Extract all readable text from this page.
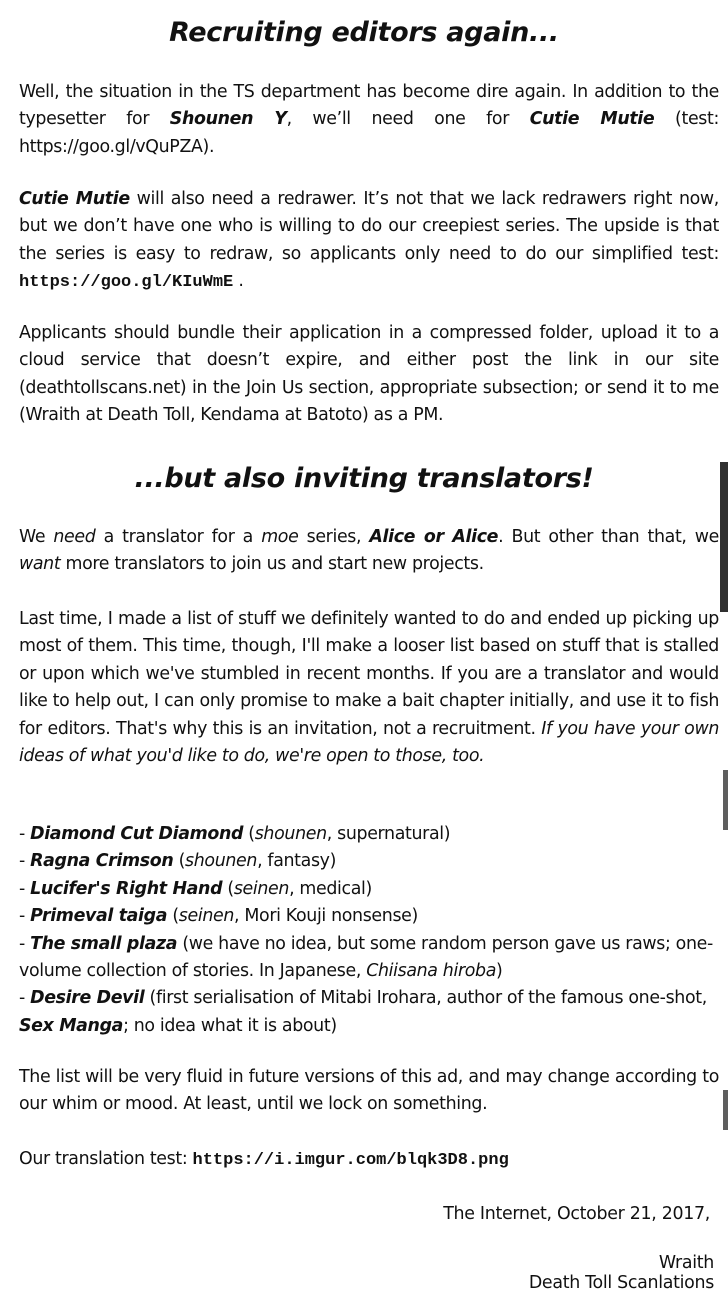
Recruiting editors again...

Well, the situation in the TS department has become dire again. In addition to the typesetter for Shounen Y, we’ll need one for Cutie Mutie (test: https://goo.gl/vQuPZA).

Cutie Mutie will also need a redrawer. It’s not that we lack redrawers right now, but we don’t have one who is willing to do our creepiest series. The upside is that the series is easy to redraw, so applicants only need to do our simplified test: https://goo.gl/KIuWmE .

Applicants should bundle their application in a compressed folder, upload it to a cloud service that doesn’t expire, and either post the link in our site (deathtollscans.net) in the Join Us section, appropriate subsection; or send it to me (Wraith at Death Toll, Kendama at Batoto) as a PM.

...but also inviting translators!

We need a translator for a moe series, Alice or Alice. But other than that, we want more translators to join us and start new projects.

Last time, I made a list of stuff we definitely wanted to do and ended up picking up most of them. This time, though, I'll make a looser list based on stuff that is stalled or upon which we've stumbled in recent months. If you are a translator and would like to help out, I can only promise to make a bait chapter initially, and use it to fish for editors. That's why this is an invitation, not a recruitment. If you have your own ideas of what you'd like to do, we're open to those, too.

- Diamond Cut Diamond (shounen, supernatural)

- Ragna Crimson (shounen, fantasy)

- Lucifer's Right Hand (seinen, medical)

- Primeval taiga (seinen, Mori Kouji nonsense)

- The small plaza (we have no idea, but some random person gave us raws; one-volume collection of stories. In Japanese, Chiisana hiroba)

- Desire Devil (first serialisation of Mitabi Irohara, author of the famous one-shot, Sex Manga; no idea what it is about)

The list will be very fluid in future versions of this ad, and may change according to our whim or mood. At least, until we lock on something.

Our translation test: https://i.imgur.com/blqk3D8.png

The Internet, October 21, 2017,
Wraith
Death Toll Scanlations
